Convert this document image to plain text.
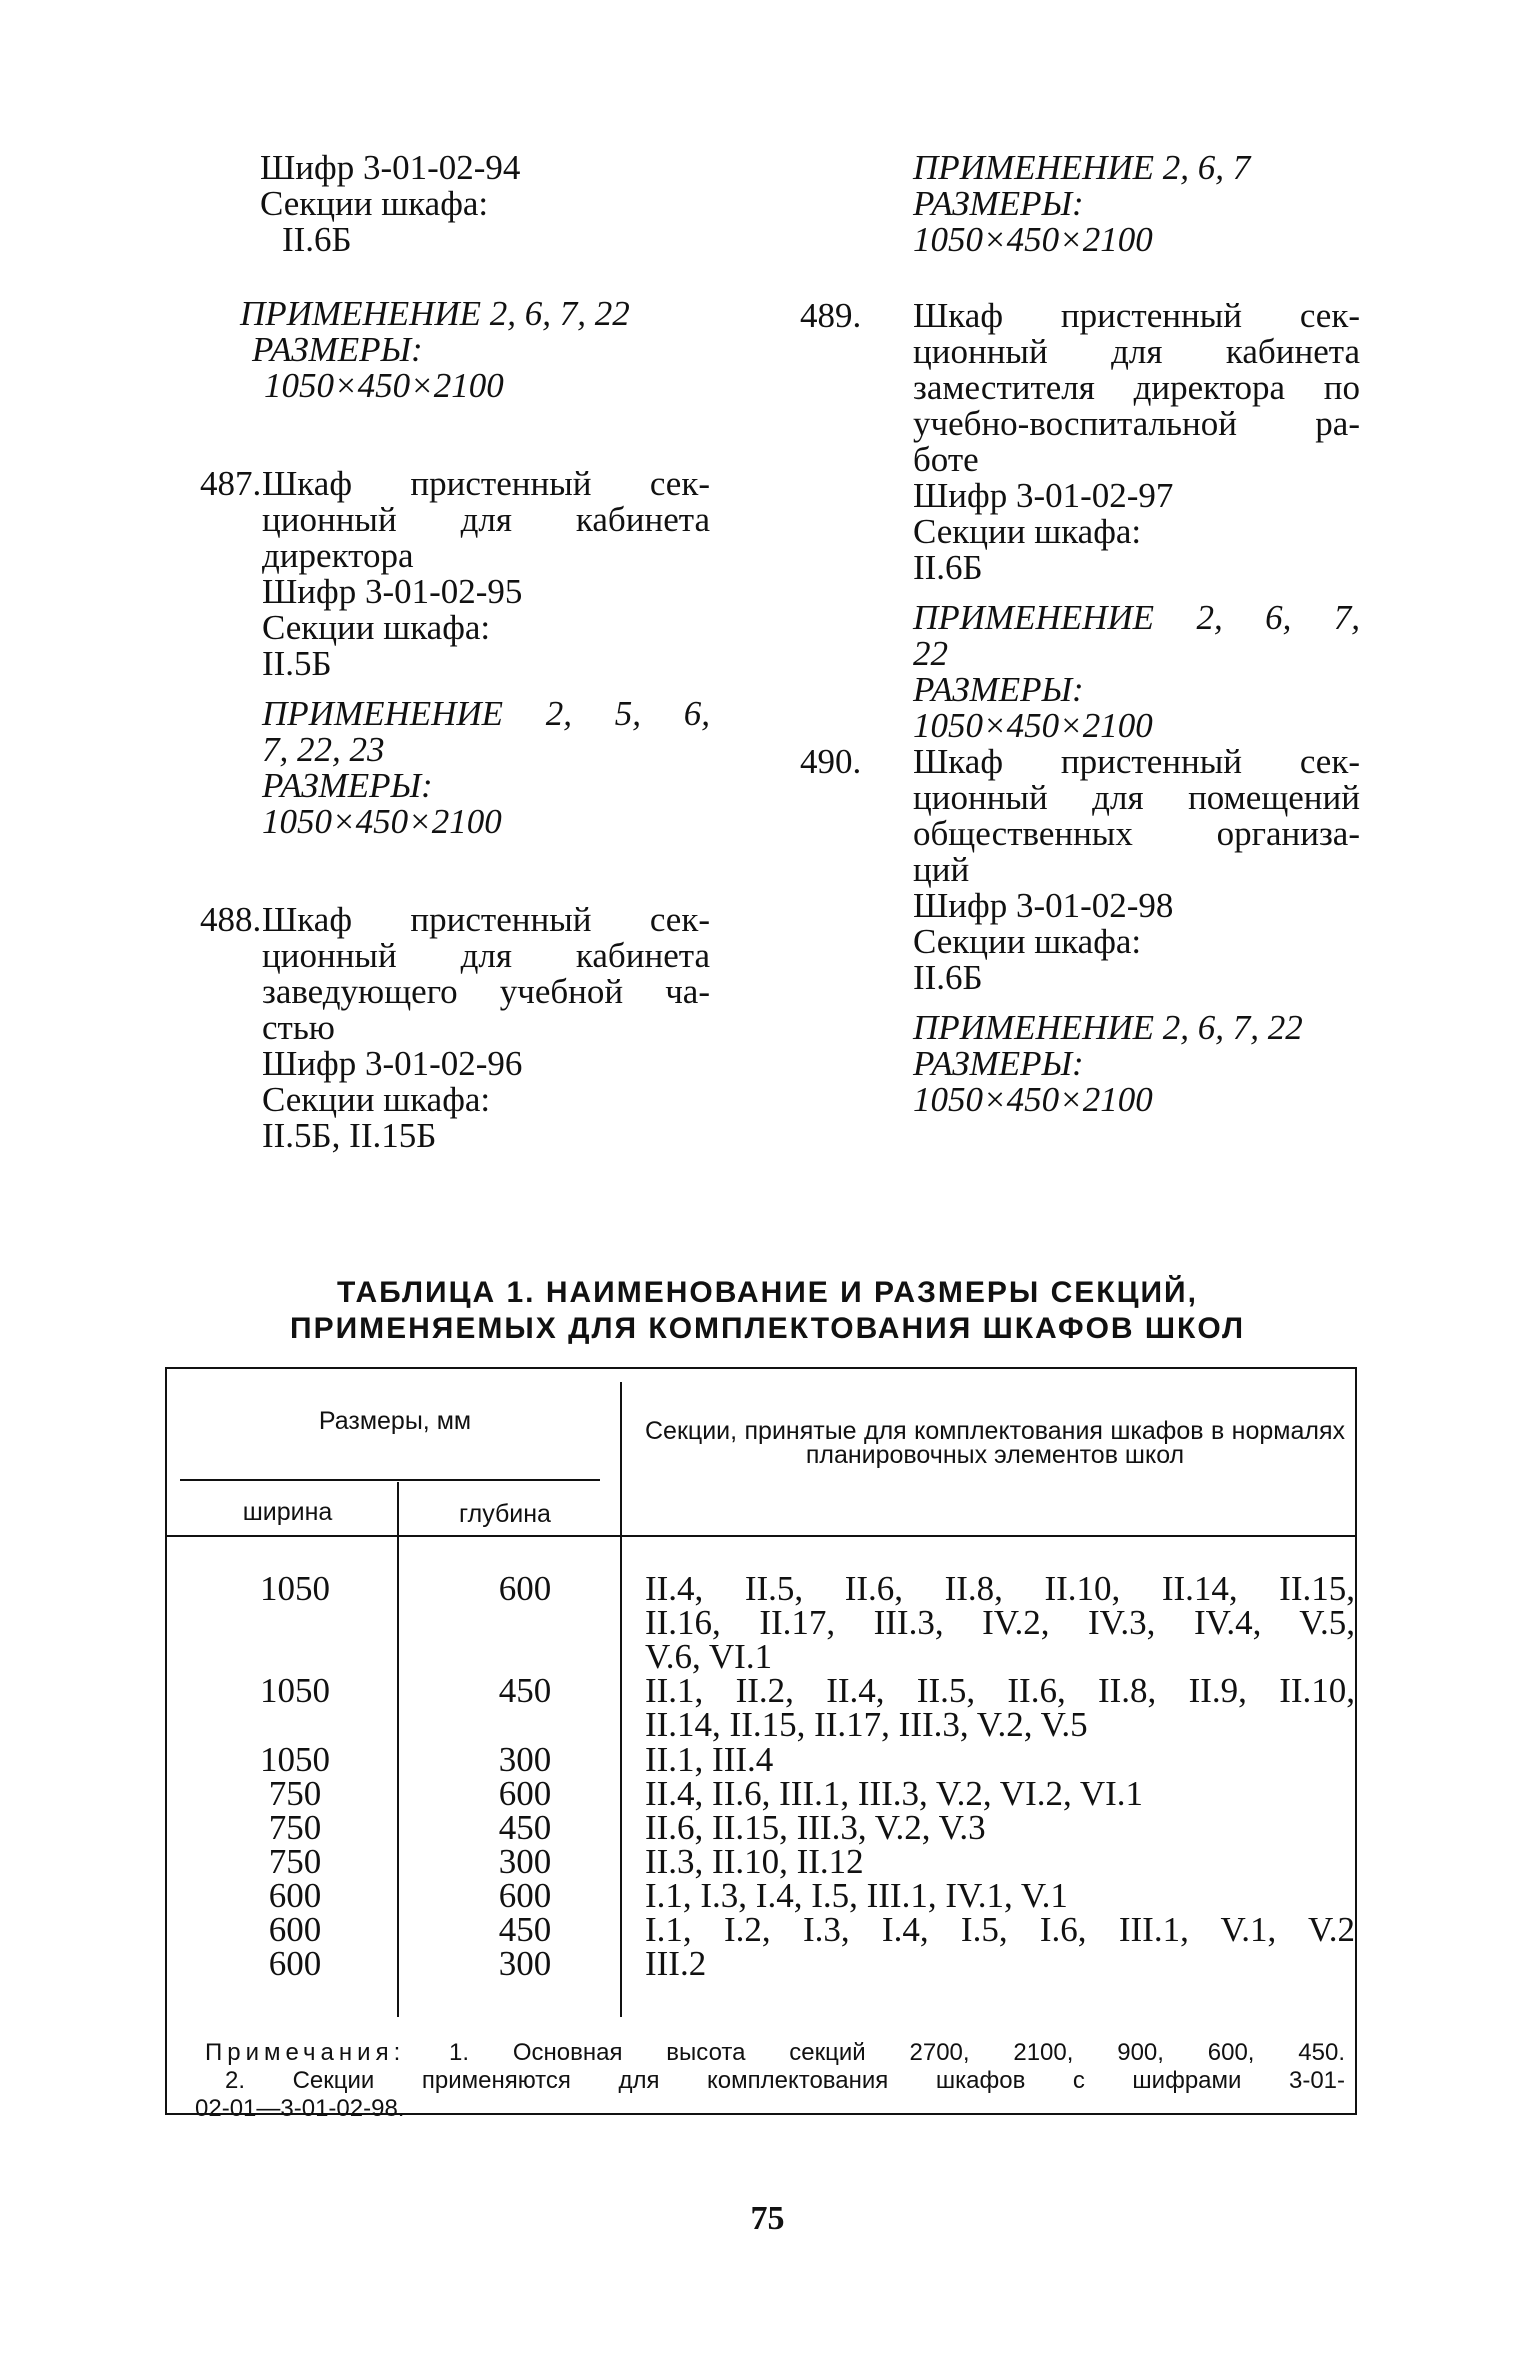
Шифр 3-01-02-94
Секции шкафа:
II.6Б
ПРИМЕНЕНИЕ 2, 6, 7, 22
РАЗМЕРЫ:
1050×450×2100
487. Шкаф пристенный сек-
ционный для кабинета
директора
Шифр 3-01-02-95
Секции шкафа:
II.5Б
ПРИМЕНЕНИЕ 2, 5, 6,
7, 22, 23
РАЗМЕРЫ:
1050×450×2100
488. Шкаф пристенный сек-
ционный для кабинета
заведующего учебной ча-
стью
Шифр 3-01-02-96
Секции шкафа:
II.5Б, II.15Б
ПРИМЕНЕНИЕ 2, 6, 7
РАЗМЕРЫ:
1050×450×2100
489. Шкаф пристенный сек-
ционный для кабинета
заместителя директора по
учебно-воспитальной ра-
боте
Шифр 3-01-02-97
Секции шкафа:
II.6Б
ПРИМЕНЕНИЕ 2, 6, 7,
22
РАЗМЕРЫ:
1050×450×2100
490. Шкаф пристенный сек-
ционный для помещений
общественных организа-
ций
Шифр 3-01-02-98
Секции шкафа:
II.6Б
ПРИМЕНЕНИЕ 2, 6, 7, 22
РАЗМЕРЫ:
1050×450×2100
ТАБЛИЦА 1. НАИМЕНОВАНИЕ И РАЗМЕРЫ СЕКЦИЙ,
ПРИМЕНЯЕМЫХ ДЛЯ КОМПЛЕКТОВАНИЯ ШКАФОВ ШКОЛ
Размеры, мм
ширина	глубина
Секции, принятые для комплектования шкафов в нормалях планировочных элементов школ
1050	600	II.4, II.5, II.6, II.8, II.10, II.14, II.15,
II.16, II.17, III.3, IV.2, IV.3, IV.4, V.5,
V.6, VI.1
1050	450	II.1, II.2, II.4, II.5, II.6, II.8, II.9, II.10,
II.14, II.15, II.17, III.3, V.2, V.5
1050	300	II.1, III.4
750	600	II.4, II.6, III.1, III.3, V.2, VI.2, VI.1
750	450	II.6, II.15, III.3, V.2, V.3
750	300	II.3, II.10, II.12
600	600	I.1, I.3, I.4, I.5, III.1, IV.1, V.1
600	450	I.1, I.2, I.3, I.4, I.5, I.6, III.1, V.1, V.2
600	300	III.2
Примечания: 1. Основная высота секций 2700, 2100, 900, 600, 450.
2. Секции применяются для комплектования шкафов с шифрами 3-01-
02-01—3-01-02-98.
75
